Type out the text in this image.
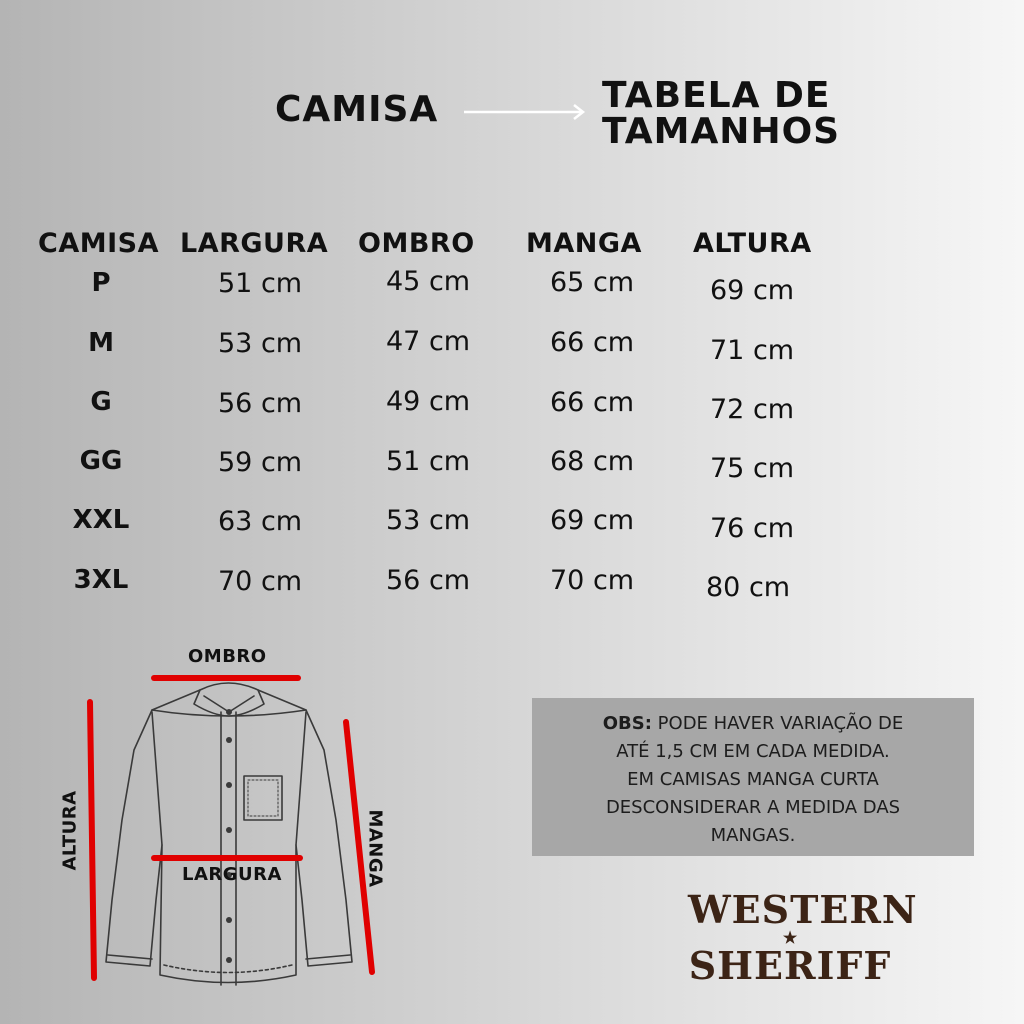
CAMISA	TABELA DE
TAMANHOS
CAMISA LARGURA OMBRO MANGA ALTURA
P	51 cm	45 cm	65 cm	69 cm
M	53 cm	47 cm	66 cm	71 cm
G	56 cm	49 cm	66 cm	72 cm
GG	59 cm	51 cm	68 cm	75 cm
XXL	63 cm	53 cm	69 cm	76 cm
3XL	70 cm	56 cm	70 cm	80 cm
OMBRO
LARGURA
ALTURA	MANGA
OBS: PODE HAVER VARIAÇÃO DE
ATÉ 1,5 CM EM CADA MEDIDA.
EM CAMISAS MANGA CURTA
DESCONSIDERAR A MEDIDA DAS
MANGAS.
WESTERN
★
SHERIFF
